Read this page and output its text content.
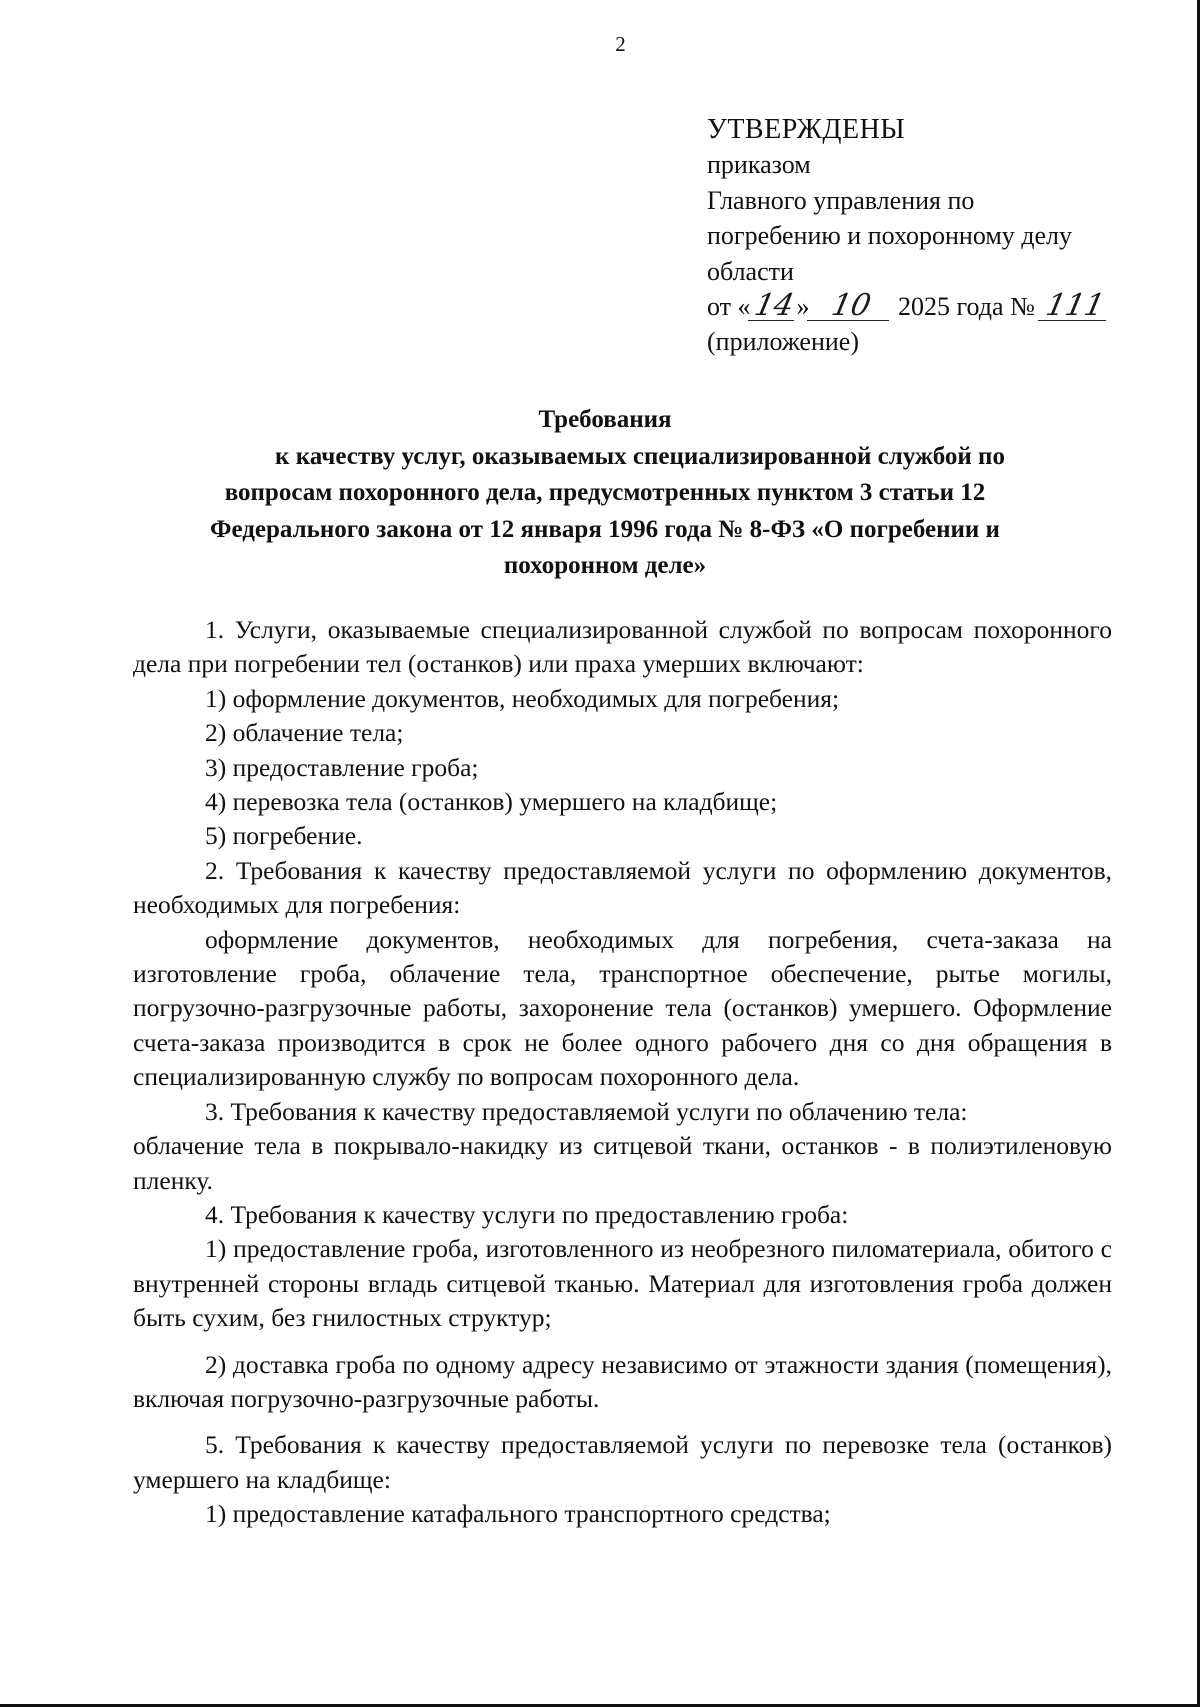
2
УТВЕРЖДЕНЫ
приказом
Главного управления по
погребению и похоронному делу
области
от «14» 10 2025 года № 111
(приложение)
Требования
к качеству услуг, оказываемых специализированной службой по
вопросам похоронного дела, предусмотренных пунктом 3 статьи 12
Федерального закона от 12 января 1996 года № 8-ФЗ «О погребении и
похоронном деле»

1. Услуги, оказываемые специализированной службой по вопросам похоронного дела при погребении тел (останков) или праха умерших включают:

1) оформление документов, необходимых для погребения;

2) облачение тела;

3) предоставление гроба;

4) перевозка тела (останков) умершего на кладбище;

5) погребение.

2. Требования к качеству предоставляемой услуги по оформлению документов, необходимых для погребения:

оформление документов, необходимых для погребения, счета-заказа на изготовление гроба, облачение тела, транспортное обеспечение, рытье могилы, погрузочно-разгрузочные работы, захоронение тела (останков) умершего. Оформление счета-заказа производится в срок не более одного рабочего дня со дня обращения в специализированную службу по вопросам похоронного дела.

3. Требования к качеству предоставляемой услуги по облачению тела:

облачение тела в покрывало-накидку из ситцевой ткани, останков - в полиэтиленовую пленку.

4. Требования к качеству услуги по предоставлению гроба:

1) предоставление гроба, изготовленного из необрезного пиломатериала, обитого с внутренней стороны вгладь ситцевой тканью. Материал для изготовления гроба должен быть сухим, без гнилостных структур;

2) доставка гроба по одному адресу независимо от этажности здания (помещения), включая погрузочно-разгрузочные работы.

5. Требования к качеству предоставляемой услуги по перевозке тела (останков) умершего на кладбище:

1) предоставление катафального транспортного средства;
